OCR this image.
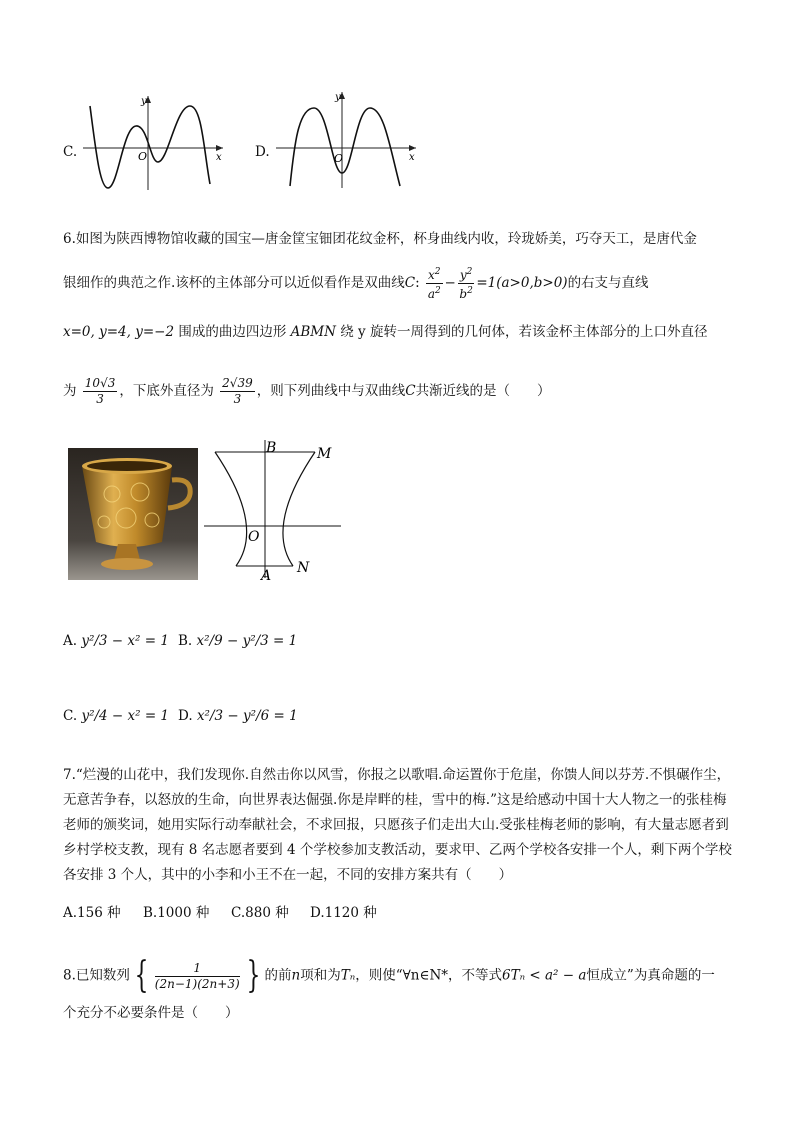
C.	O	x
y
D.	O	x
y
6.如图为陕西博物馆收藏的国宝—唐金筐宝钿团花纹金杯，杯身曲线内收，玲珑娇美，巧夺天工，是唐代金
银细作的典范之作.该杯的主体部分可以近似看作是双曲线C: $\frac{x^2}{a^2} - \frac{y^2}{b^2} =1(a>0,b>0)$的右支与直线
x=0, y=4, y=−2 围成的曲边四边形 ABMN 绕 y 旋转一周得到的几何体，若该金杯主体部分的上口外直径
为 $\frac{10√3}{3}$ ，下底外直径为 $\frac{2√39}{3}$ ，则下列曲线中与双曲线C共渐近线的是（　　）
B	M
O
A N
A. y²/3 − x² = 1 B. x²/9 − y²/3 = 1
C. y²/4 − x² = 1 D. x²/3 − y²/6 = 1
7.“烂漫的山花中，我们发现你.自然击你以风雪，你报之以歌唱.命运置你于危崖，你馈人间以芬芳.不惧碾作尘，无意苦争春，以怒放的生命，向世界表达倔强.你是岸畔的桂，雪中的梅.”这是给感动中国十大人物之一的张桂梅老师的颁奖词，她用实际行动奉献社会，不求回报，只愿孩子们走出大山.受张桂梅老师的影响，有大量志愿者到乡村学校支教，现有 8 名志愿者要到 4 个学校参加支教活动，要求甲、乙两个学校各安排一个人，剩下两个学校各安排 3 个人，其中的小李和小王不在一起，不同的安排方案共有（　　）
A.156 种 B.1000 种 C.880 种 D.1120 种
8.已知数列 { $\frac{1}{(2n-1)(2n+3)}$ } 的前n项和为Tₙ，则使“∀n∈N*，不等式6Tₙ < a² − a恒成立”为真命题的一
个充分不必要条件是（　　）
